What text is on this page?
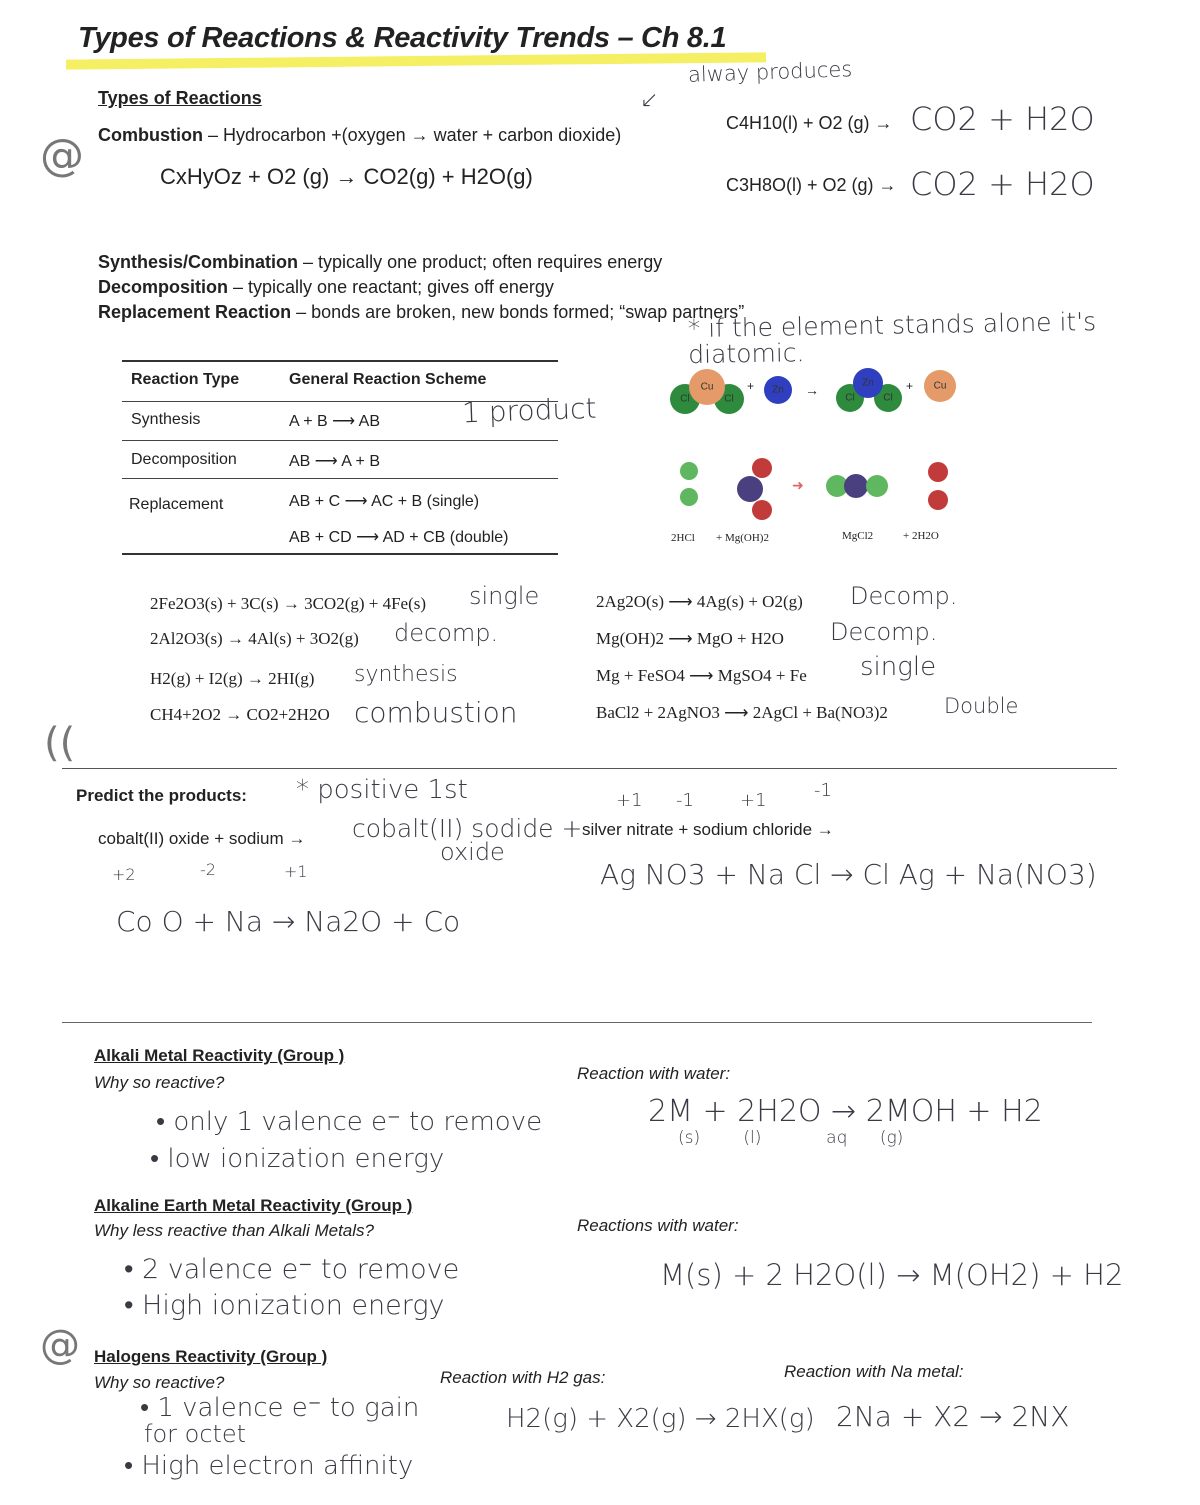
Types of Reactions & Reactivity Trends – Ch 8.1
Types of Reactions
alway produces
↙
@ Combustion – Hydrocarbon +(oxygen → water + carbon dioxide)
CxHyOz + O2 (g) → CO2(g) + H2O(g)
C4H10(l) + O2 (g) → CO2 + H2O
C3H8O(l) + O2 (g) → CO2 + H2O
Synthesis/Combination – typically one product; often requires energy
Decomposition – typically one reactant; gives off energy
Replacement Reaction – bonds are broken, new bonds formed; “swap partners”
* if the element stands alone it's diatomic.
Reaction Type	General Reaction Scheme
Synthesis	A + B ⟶ AB	1 product
Decomposition	AB ⟶ A + B
Replacement	AB + C ⟶ AC + B (single)
AB + CD ⟶ AD + CB (double)
Cl	Cl
Cu	+	Zn	→	Cl	Cl
Zn	+	Cu
➜
2HCl + Mg(OH)2	MgCl2	+ 2H2O
2Fe2O3(s) + 3C(s) → 3CO2(g) + 4Fe(s) single
2Al2O3(s) → 4Al(s) + 3O2(g) decomp.
H2(g) + I2(g) → 2HI(g) synthesis
CH4+2O2 → CO2+2H2O combustion
2Ag2O(s) ⟶ 4Ag(s) + O2(g) Decomp.
Mg(OH)2 ⟶ MgO + H2O Decomp.
Mg + FeSO4 ⟶ MgSO4 + Fe single
BaCl2 + 2AgNO3 ⟶ 2AgCl + Ba(NO3)2	Double
((
Predict the products: * positive 1st
cobalt(II) oxide + sodium → cobalt(II) sodide +
oxide
+2	-2	+1
Co O + Na → Na2O + Co
silver nitrate + sodium chloride →
+1 -1	+1	-1
Ag NO3 + Na Cl → Cl Ag + Na(NO3)
Alkali Metal Reactivity (Group )
Why so reactive?
• only 1 valence e⁻ to remove
• low ionization energy
Reaction with water:
2M + 2H2O → 2MOH + H2
(s)        (l)            aq      (g)
Alkaline Earth Metal Reactivity (Group )
Why less reactive than Alkali Metals?
• 2 valence e⁻ to remove
• High ionization energy
Reactions with water:
M(s) + 2 H2O(l) → M(OH2) + H2
@ Halogens Reactivity (Group )
Why so reactive?
• 1 valence e⁻ to gain
for octet
• High electron affinity
Reaction with H2 gas:
H2(g) + X2(g) → 2HX(g)
Reaction with Na metal:
2Na + X2 → 2NX
